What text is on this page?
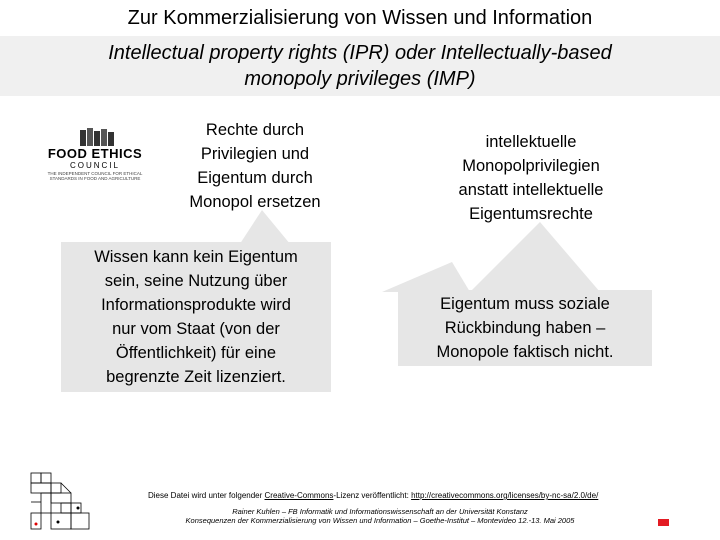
Zur Kommerzialisierung von Wissen und Information
Intellectual property rights (IPR) oder Intellectually-based
monopoly privileges (IMP)
FOOD ETHICS
COUNCIL
THE INDEPENDENT COUNCIL FOR ETHICAL
STANDARDS IN FOOD AND AGRICULTURE
Rechte durch
Privilegien und
Eigentum durch
Monopol ersetzen
intellektuelle
Monopolprivilegien
anstatt intellektuelle
Eigentumsrechte
Wissen kann kein Eigentum
sein, seine Nutzung über
Informationsprodukte wird
nur vom Staat (von der
Öffentlichkeit) für eine
begrenzte Zeit lizenziert.
Eigentum muss soziale
Rückbindung haben –
Monopole faktisch nicht.
Diese Datei wird unter folgender Creative-Commons-Lizenz veröffentlicht: http://creativecommons.org/licenses/by-nc-sa/2.0/de/
Rainer Kuhlen – FB Informatik und Informationswissenschaft an der Universität Konstanz
Konsequenzen der Kommerzialisierung von Wissen und Information – Goethe-Institut – Montevideo 12.-13. Mai 2005
